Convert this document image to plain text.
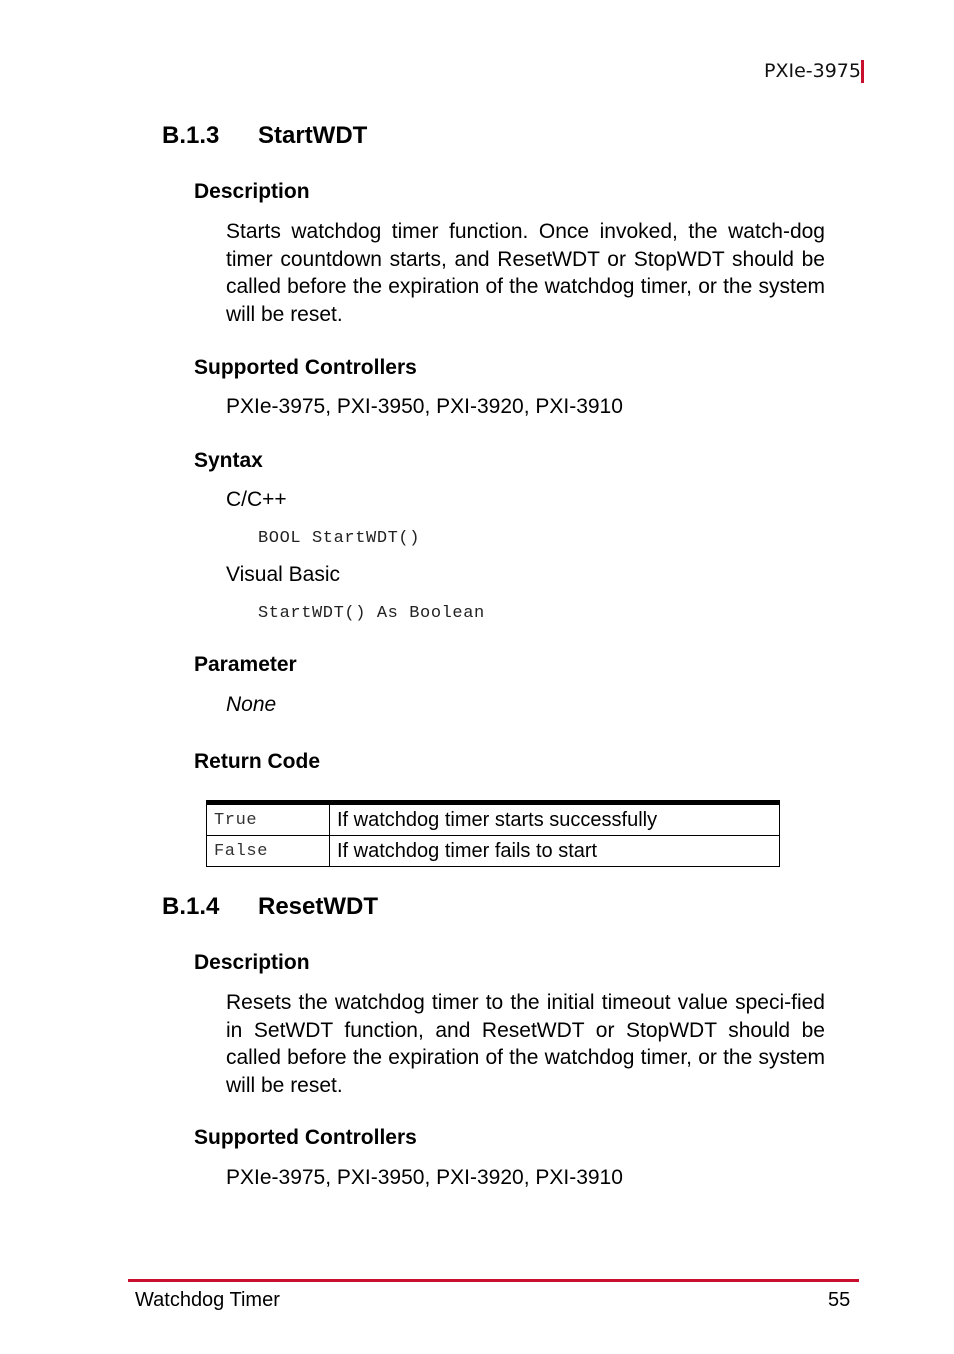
PXIe-3975
B.1.3 StartWDT
Description
Starts watchdog timer function. Once invoked, the watch-dog timer countdown starts, and ResetWDT or StopWDT should be called before the expiration of the watchdog timer, or the system will be reset.
Supported Controllers
PXIe-3975, PXI-3950, PXI-3920, PXI-3910
Syntax
C/C++
BOOL StartWDT()
Visual Basic
StartWDT() As Boolean
Parameter
None
Return Code
True	If watchdog timer starts successfully
False	If watchdog timer fails to start
B.1.4 ResetWDT
Description
Resets the watchdog timer to the initial timeout value speci-fied in SetWDT function, and ResetWDT or StopWDT should be called before the expiration of the watchdog timer, or the system will be reset.
Supported Controllers
PXIe-3975, PXI-3950, PXI-3920, PXI-3910
Watchdog Timer	55
